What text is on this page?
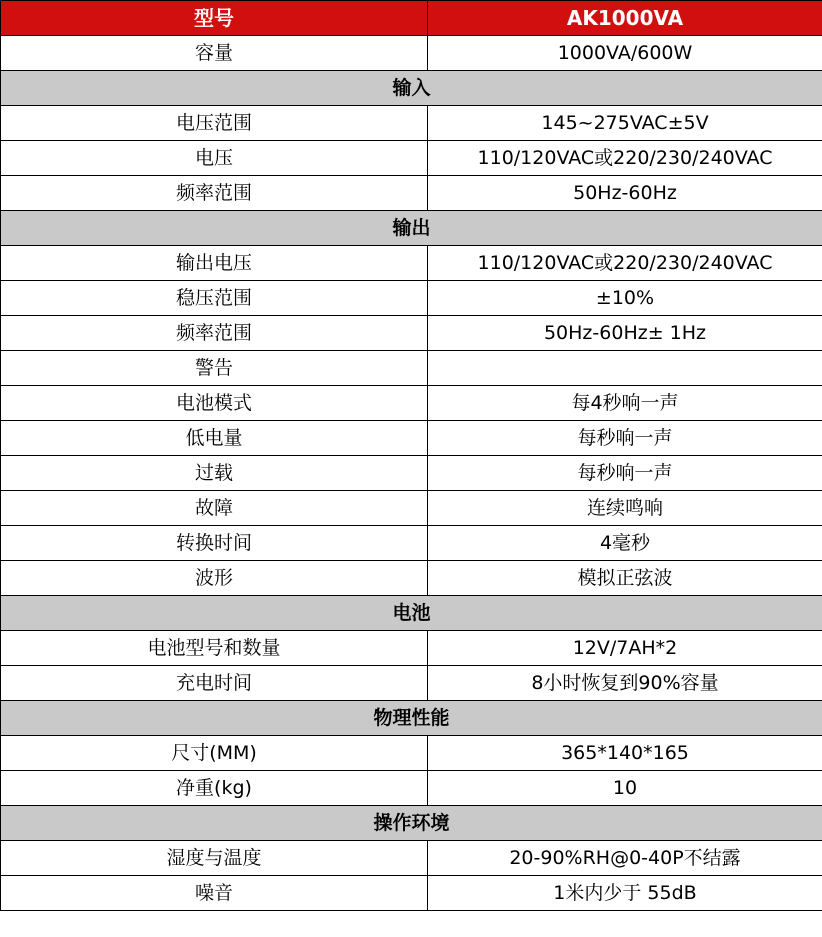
型号	AK1000VA
容量	1000VA/600W
输入	
电压范围	145~275VAC±5V
电压	110/120VAC或220/230/240VAC
频率范围	50Hz-60Hz
输出	
输出电压	110/120VAC或220/230/240VAC
稳压范围	±10%
频率范围	50Hz-60Hz± 1Hz
警告	
电池模式	每4秒响一声
低电量	每秒响一声
过载	每秒响一声
故障	连续鸣响
转换时间	4毫秒
波形	模拟正弦波
电池	
电池型号和数量	12V/7AH*2
充电时间	8小时恢复到90%容量
物理性能	
尺寸(MM)	365*140*165
净重(kg)	10
操作环境	
湿度与温度	20-90%RH@0-40P不结露
噪音	1米内少于 55dB
